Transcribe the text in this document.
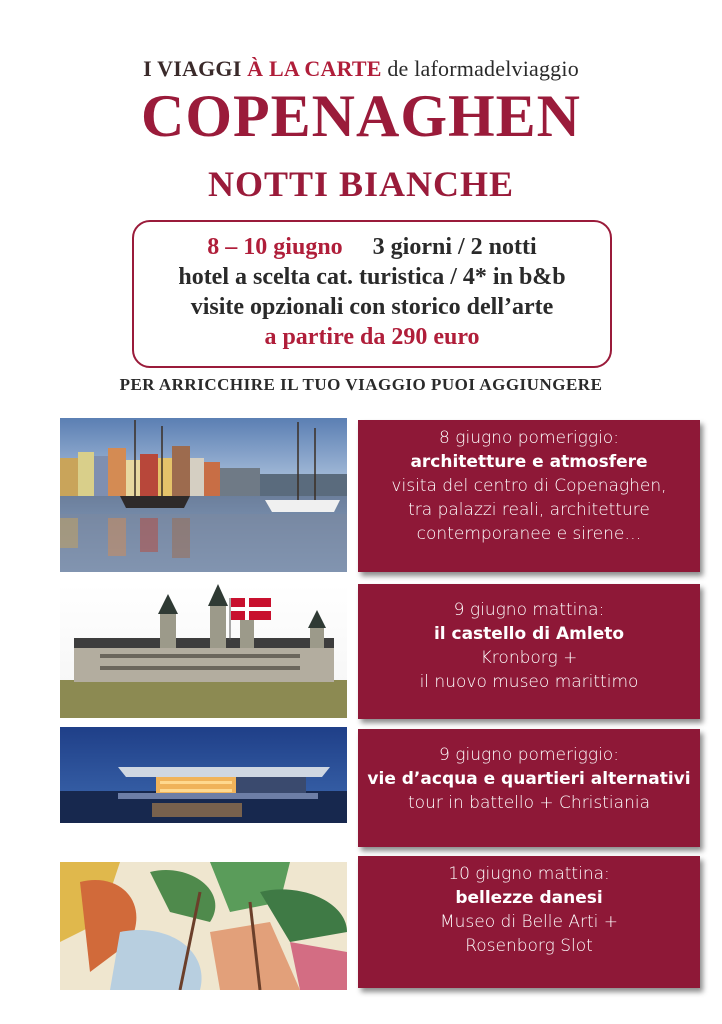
I VIAGGI À LA CARTE de laformadelviaggio
COPENAGHEN
NOTTI BIANCHE
8 – 10 giugno 3 giorni / 2 notti
hotel a scelta cat. turistica / 4* in b&b
visite opzionali con storico dell’arte
a partire da 290 euro
PER ARRICCHIRE IL TUO VIAGGIO PUOI AGGIUNGERE
8 giugno pomeriggio:
architetture e atmosfere
visita del centro di Copenaghen,
tra palazzi reali, architetture
contemporanee e sirene…
9 giugno mattina:
il castello di Amleto
Kronborg +
il nuovo museo marittimo
9 giugno pomeriggio:
vie d’acqua e quartieri alternativi
tour in battello + Christiania
10 giugno mattina:
bellezze danesi
Museo di Belle Arti +
Rosenborg Slot
